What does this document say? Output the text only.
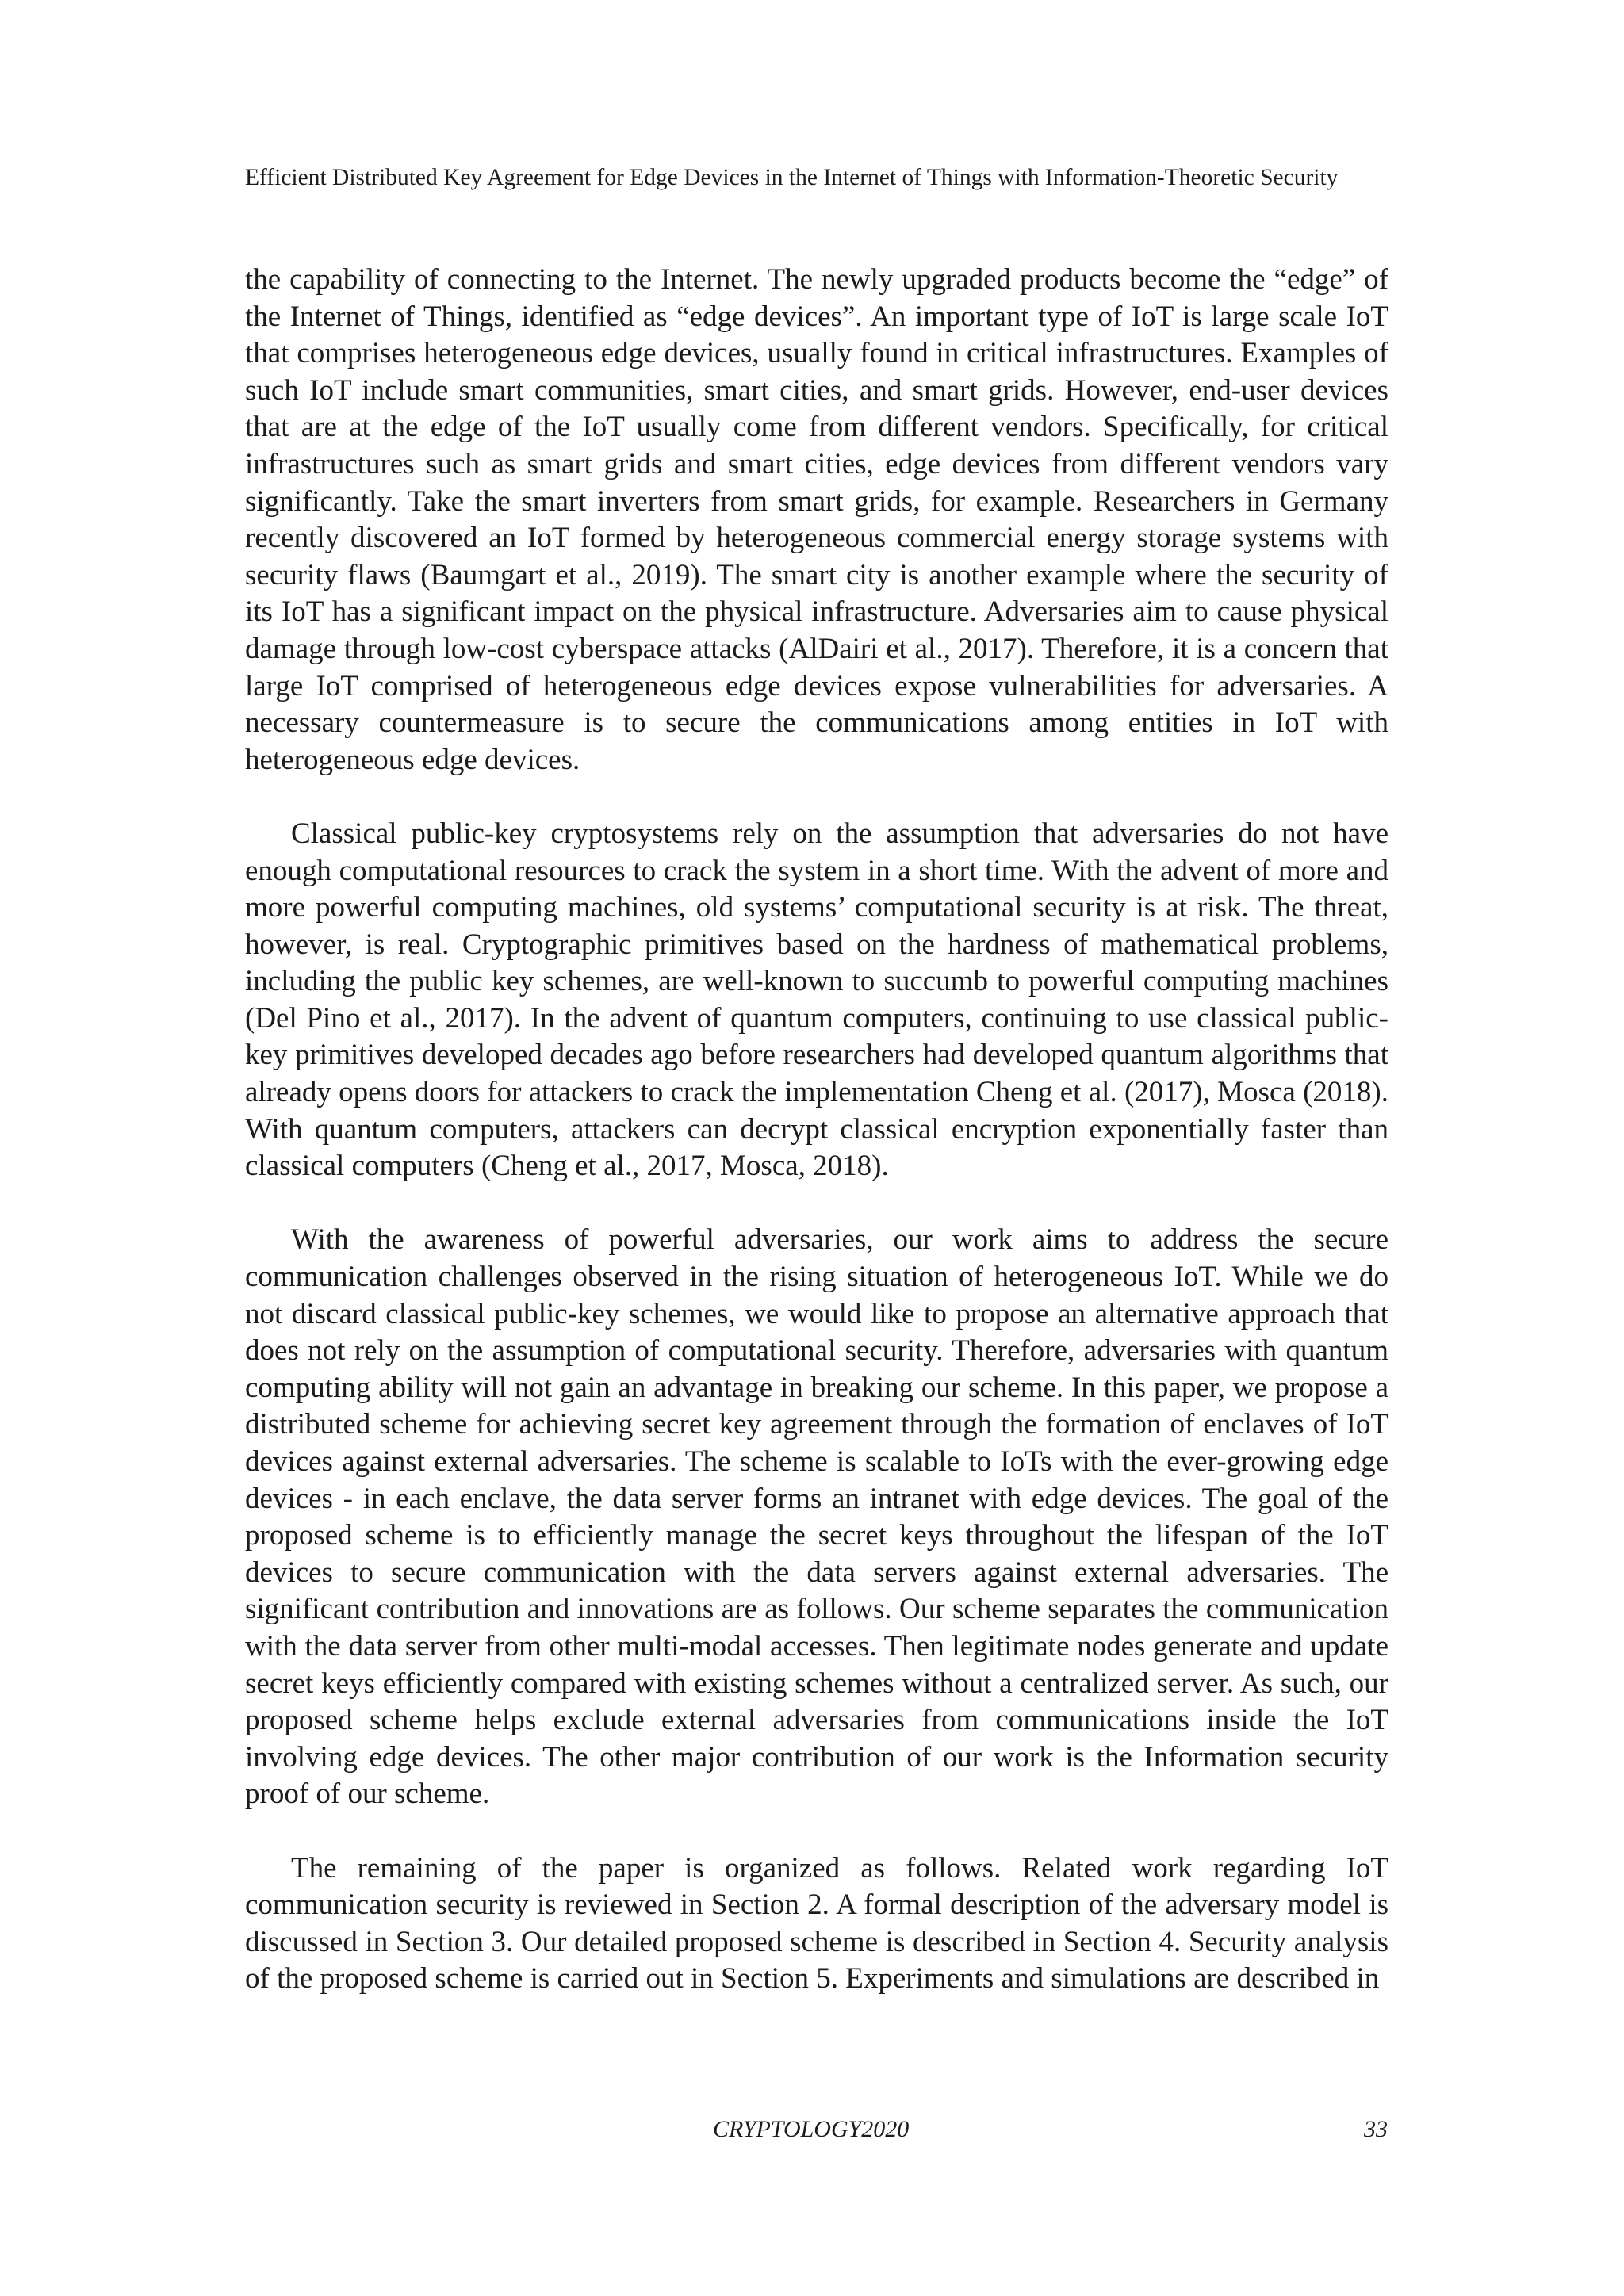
Efficient Distributed Key Agreement for Edge Devices in the Internet of Things with Information-Theoretic Security

the capability of connecting to the Internet. The newly upgraded products become the “edge” of the Internet of Things, identified as “edge devices”. An important type of IoT is large scale IoT that comprises heterogeneous edge devices, usually found in critical infrastructures. Examples of such IoT include smart communities, smart cities, and smart grids. However, end-user devices that are at the edge of the IoT usually come from different vendors. Specifically, for critical infrastructures such as smart grids and smart cities, edge devices from different vendors vary significantly. Take the smart inverters from smart grids, for example. Researchers in Germany recently discovered an IoT formed by heterogeneous commercial energy storage systems with security flaws (Baumgart et al., 2019). The smart city is another example where the security of its IoT has a significant impact on the physical infrastructure. Adversaries aim to cause physical damage through low-cost cyberspace attacks (AlDairi et al., 2017). Therefore, it is a concern that large IoT comprised of heterogeneous edge devices expose vulnerabilities for adversaries. A necessary countermeasure is to secure the communications among entities in IoT with heterogeneous edge devices.

Classical public-key cryptosystems rely on the assumption that adversaries do not have enough computational resources to crack the system in a short time. With the advent of more and more powerful computing machines, old systems’ computational security is at risk. The threat, however, is real. Cryptographic primitives based on the hardness of mathematical problems, including the public key schemes, are well-known to succumb to powerful computing machines (Del Pino et al., 2017). In the advent of quantum computers, continuing to use classical public-key primitives developed decades ago before researchers had developed quantum algorithms that already opens doors for attackers to crack the implementation Cheng et al. (2017), Mosca (2018). With quantum computers, attackers can decrypt classical encryption exponentially faster than classical computers (Cheng et al., 2017, Mosca, 2018).

With the awareness of powerful adversaries, our work aims to address the secure communication challenges observed in the rising situation of heterogeneous IoT. While we do not discard classical public-key schemes, we would like to propose an alternative approach that does not rely on the assumption of computational security. Therefore, adversaries with quantum computing ability will not gain an advantage in breaking our scheme. In this paper, we propose a distributed scheme for achieving secret key agreement through the formation of enclaves of IoT devices against external adversaries. The scheme is scalable to IoTs with the ever-growing edge devices - in each enclave, the data server forms an intranet with edge devices. The goal of the proposed scheme is to efficiently manage the secret keys throughout the lifespan of the IoT devices to secure communication with the data servers against external adversaries. The significant contribution and innovations are as follows. Our scheme separates the communication with the data server from other multi-modal accesses. Then legitimate nodes generate and update secret keys efficiently compared with existing schemes without a centralized server. As such, our proposed scheme helps exclude external adversaries from communications inside the IoT involving edge devices. The other major contribution of our work is the Information security proof of our scheme.

The remaining of the paper is organized as follows. Related work regarding IoT communication security is reviewed in Section 2. A formal description of the adversary model is discussed in Section 3. Our detailed proposed scheme is described in Section 4. Security analysis of the proposed scheme is carried out in Section 5. Experiments and simulations are described in

CRYPTOLOGY2020	33
